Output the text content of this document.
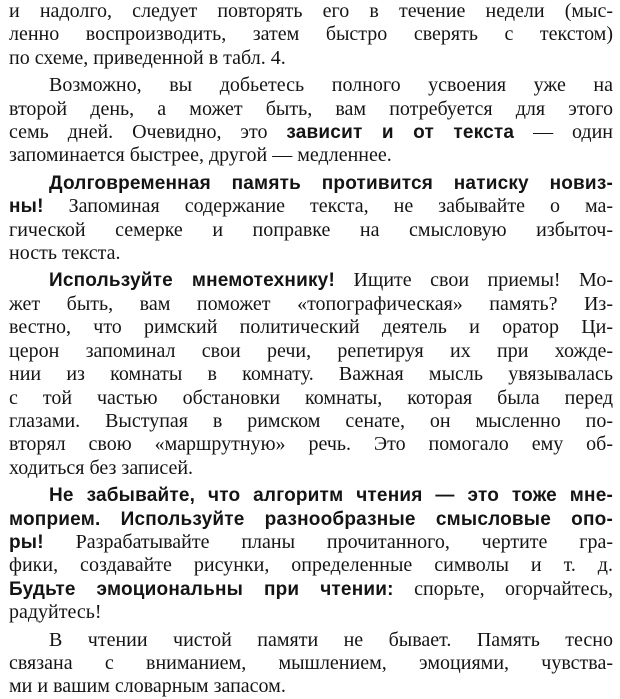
и надолго, следует повторять его в течение недели (мыс-
ленно воспроизводить, затем быстро сверять с текстом)
по схеме, приведенной в табл. 4.
Возможно, вы добьетесь полного усвоения уже на
второй день, а может быть, вам потребуется для этого
семь дней. Очевидно, это зависит и от текста — один
запоминается быстрее, другой — медленнее.
Долговременная память противится натиску новиз-
ны! Запоминая содержание текста, не забывайте о ма-
гической семерке и поправке на смысловую избыточ-
ность текста.
Используйте мнемотехнику! Ищите свои приемы! Мо-
жет быть, вам поможет «топографическая» память? Из-
вестно, что римский политический деятель и оратор Ци-
церон запоминал свои речи, репетируя их при хожде-
нии из комнаты в комнату. Важная мысль увязывалась
с той частью обстановки комнаты, которая была перед
глазами. Выступая в римском сенате, он мысленно по-
вторял свою «маршрутную» речь. Это помогало ему об-
ходиться без записей.
Не забывайте, что алгоритм чтения — это тоже мне-
моприем. Используйте разнообразные смысловые опо-
ры! Разрабатывайте планы прочитанного, чертите гра-
фики, создавайте рисунки, определенные символы и т. д.
Будьте эмоциональны при чтении: спорьте, огорчайтесь,
радуйтесь!
В чтении чистой памяти не бывает. Память тесно
связана с вниманием, мышлением, эмоциями, чувства-
ми и вашим словарным запасом.
